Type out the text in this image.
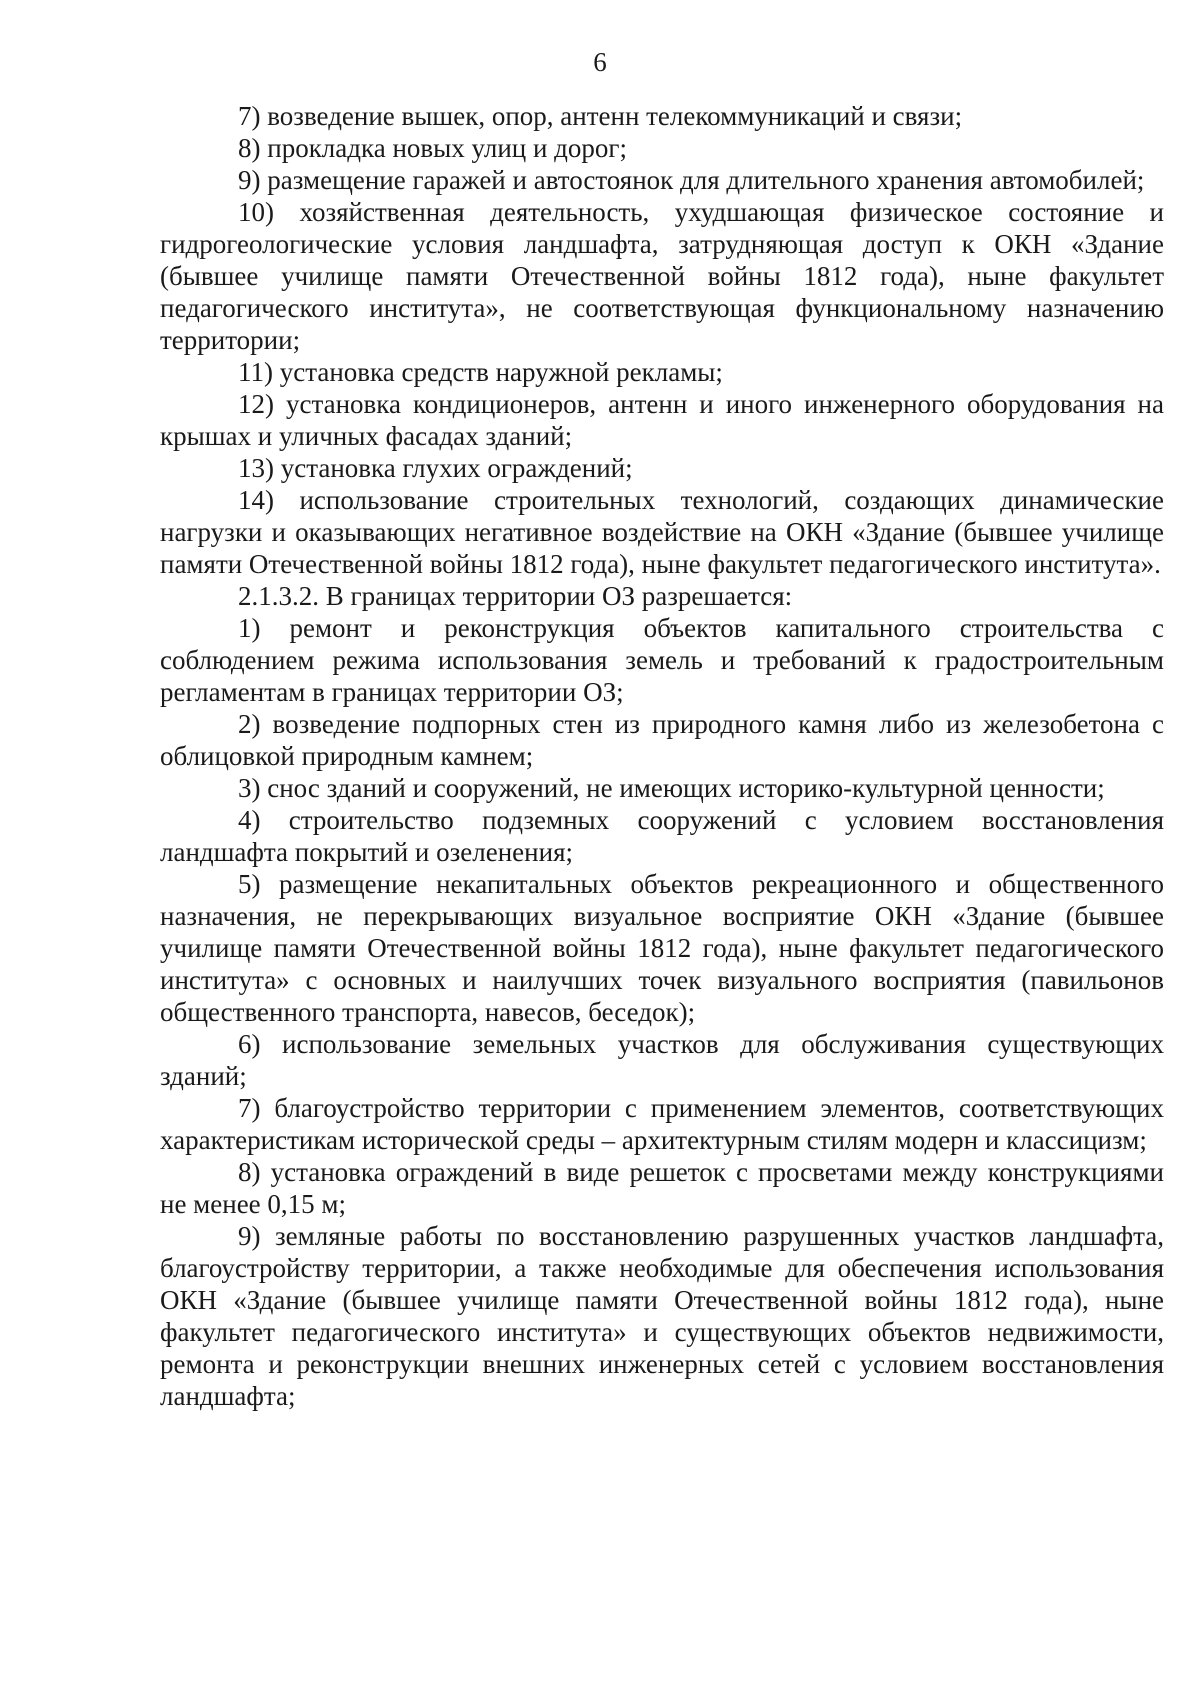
6

7) возведение вышек, опор, антенн телекоммуникаций и связи;

8) прокладка новых улиц и дорог;

9) размещение гаражей и автостоянок для длительного хранения автомобилей;

10) хозяйственная деятельность, ухудшающая физическое состояние и гидрогеологические условия ландшафта, затрудняющая доступ к ОКН «Здание (бывшее училище памяти Отечественной войны 1812 года), ныне факультет педагогического института», не соответствующая функциональному назначению территории;

11) установка средств наружной рекламы;

12) установка кондиционеров, антенн и иного инженерного оборудования на крышах и уличных фасадах зданий;

13) установка глухих ограждений;

14) использование строительных технологий, создающих динамические нагрузки и оказывающих негативное воздействие на ОКН «Здание (бывшее училище памяти Отечественной войны 1812 года), ныне факультет педагогического института».

2.1.3.2. В границах территории ОЗ разрешается:

1) ремонт и реконструкция объектов капитального строительства с соблюдением режима использования земель и требований к градостроительным регламентам в границах территории ОЗ;

2) возведение подпорных стен из природного камня либо из железобетона с облицовкой природным камнем;

3) снос зданий и сооружений, не имеющих историко-культурной ценности;

4) строительство подземных сооружений с условием восстановления ландшафта покрытий и озеленения;

5) размещение некапитальных объектов рекреационного и общественного назначения, не перекрывающих визуальное восприятие ОКН «Здание (бывшее училище памяти Отечественной войны 1812 года), ныне факультет педагогического института» с основных и наилучших точек визуального восприятия (павильонов общественного транспорта, навесов, беседок);

6) использование земельных участков для обслуживания существующих зданий;

7) благоустройство территории с применением элементов, соответствующих характеристикам исторической среды – архитектурным стилям модерн и классицизм;

8) установка ограждений в виде решеток с просветами между конструкциями не менее 0,15 м;

9) земляные работы по восстановлению разрушенных участков ландшафта, благоустройству территории, а также необходимые для обеспечения использования ОКН «Здание (бывшее училище памяти Отечественной войны 1812 года), ныне факультет педагогического института» и существующих объектов недвижимости, ремонта и реконструкции внешних инженерных сетей с условием восстановления ландшафта;
